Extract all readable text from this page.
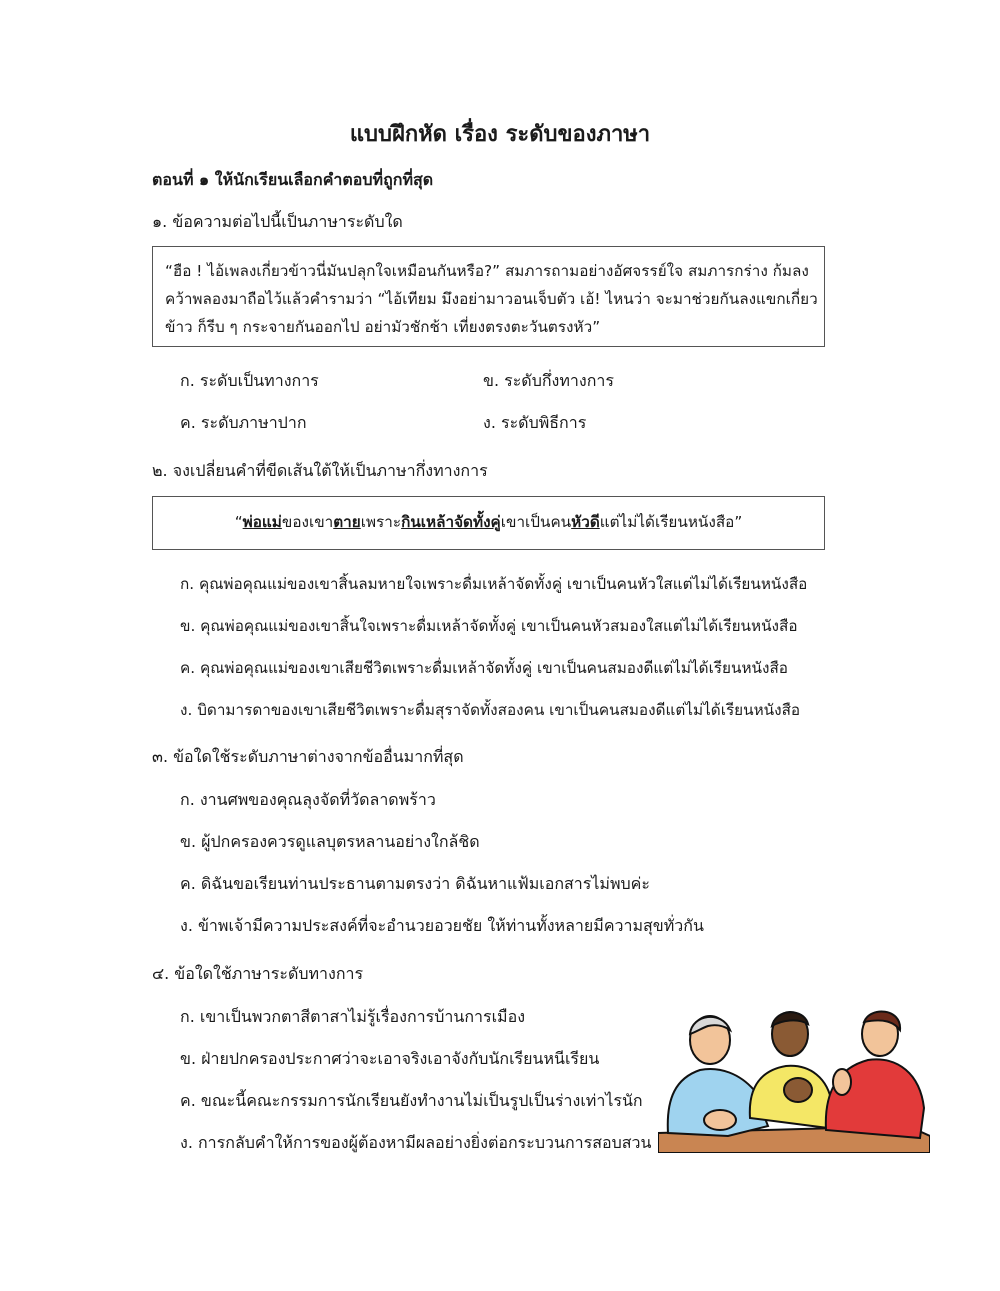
แบบฝึกหัด เรื่อง ระดับของภาษา
ตอนที่ ๑ ให้นักเรียนเลือกคำตอบที่ถูกที่สุด
๑. ข้อความต่อไปนี้เป็นภาษาระดับใด

“ฮือ ! ไอ้เพลงเกี่ยวข้าวนี่มันปลุกใจเหมือนกันหรือ?” สมภารถามอย่างอัศจรรย์ใจ สมภารกร่าง ก้มลง

คว้าพลองมาถือไว้แล้วคำรามว่า “ไอ้เทียม มึงอย่ามาวอนเจ็บตัว เอ้! ไหนว่า จะมาช่วยกันลงแขกเกี่ยว

ข้าว ก็รีบ ๆ กระจายกันออกไป อย่ามัวชักช้า เที่ยงตรงตะวันตรงหัว”

ก. ระดับเป็นทางการ	ข. ระดับกึ่งทางการ
ค. ระดับภาษาปาก	ง. ระดับพิธีการ
๒. จงเปลี่ยนคำที่ขีดเส้นใต้ให้เป็นภาษากึ่งทางการ
“พ่อแม่ของเขาตายเพราะกินเหล้าจัดทั้งคู่เขาเป็นคนหัวดีแต่ไม่ได้เรียนหนังสือ”
ก. คุณพ่อคุณแม่ของเขาสิ้นลมหายใจเพราะดื่มเหล้าจัดทั้งคู่ เขาเป็นคนหัวใสแต่ไม่ได้เรียนหนังสือ
ข. คุณพ่อคุณแม่ของเขาสิ้นใจเพราะดื่มเหล้าจัดทั้งคู่ เขาเป็นคนหัวสมองใสแต่ไม่ได้เรียนหนังสือ
ค. คุณพ่อคุณแม่ของเขาเสียชีวิตเพราะดื่มเหล้าจัดทั้งคู่ เขาเป็นคนสมองดีแต่ไม่ได้เรียนหนังสือ
ง. บิดามารดาของเขาเสียชีวิตเพราะดื่มสุราจัดทั้งสองคน เขาเป็นคนสมองดีแต่ไม่ได้เรียนหนังสือ
๓. ข้อใดใช้ระดับภาษาต่างจากข้ออื่นมากที่สุด
ก. งานศพของคุณลุงจัดที่วัดลาดพร้าว
ข. ผู้ปกครองควรดูแลบุตรหลานอย่างใกล้ชิด
ค. ดิฉันขอเรียนท่านประธานตามตรงว่า ดิฉันหาแฟ้มเอกสารไม่พบค่ะ
ง. ข้าพเจ้ามีความประสงค์ที่จะอำนวยอวยชัย ให้ท่านทั้งหลายมีความสุขทั่วกัน
๔. ข้อใดใช้ภาษาระดับทางการ
ก. เขาเป็นพวกตาสีตาสาไม่รู้เรื่องการบ้านการเมือง
ข. ฝ่ายปกครองประกาศว่าจะเอาจริงเอาจังกับนักเรียนหนีเรียน
ค. ขณะนี้คณะกรรมการนักเรียนยังทำงานไม่เป็นรูปเป็นร่างเท่าไรนัก
ง. การกลับคำให้การของผู้ต้องหามีผลอย่างยิ่งต่อกระบวนการสอบสวน
